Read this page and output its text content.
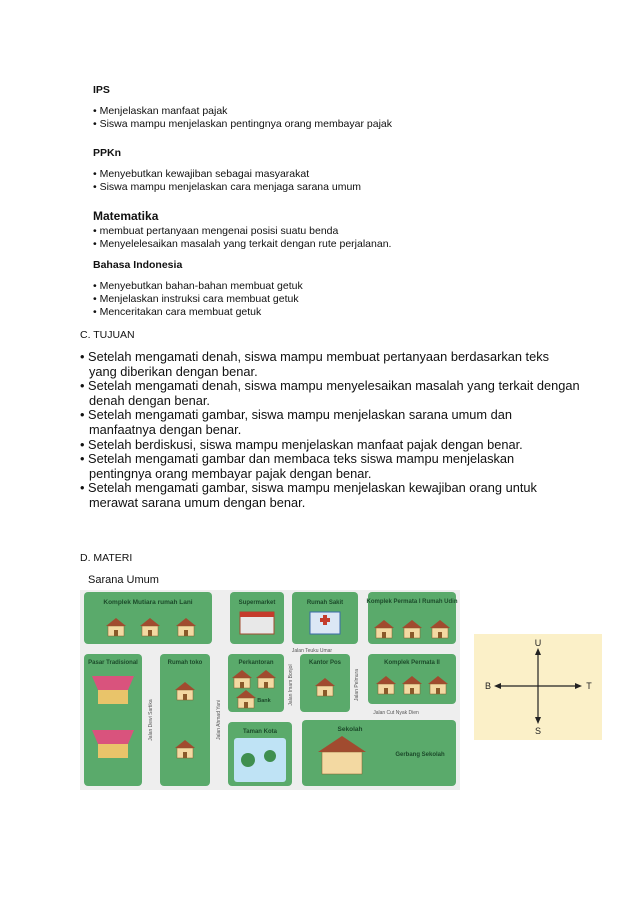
IPS

• Menjelaskan manfaat pajak
• Siswa mampu menjelaskan pentingnya orang membayar pajak

PPKn

• Menyebutkan kewajiban sebagai masyarakat
• Siswa mampu menjelaskan cara menjaga sarana umum

Matematika

• membuat pertanyaan mengenai posisi suatu benda
• Menyelelesaikan masalah yang terkait dengan rute perjalanan.

Bahasa Indonesia

• Menyebutkan bahan-bahan membuat getuk
• Menjelaskan instruksi cara membuat getuk
• Menceritakan cara membuat getuk

C. TUJUAN

• Setelah mengamati denah, siswa mampu membuat pertanyaan berdasarkan teks yang diberikan dengan benar.
• Setelah mengamati denah, siswa mampu menyelesaikan masalah yang terkait dengan denah dengan benar.
• Setelah mengamati gambar, siswa mampu menjelaskan sarana umum dan manfaatnya dengan benar.
• Setelah berdiskusi, siswa mampu menjelaskan manfaat pajak dengan benar.
• Setelah mengamati gambar dan membaca teks siswa mampu menjelaskan pentingnya orang membayar pajak dengan benar.
• Setelah mengamati gambar, siswa mampu menjelaskan kewajiban orang untuk merawat sarana umum dengan benar.

D. MATERI

Sarana Umum
Komplek Mutiara rumah Lani	Supermarket	Rumah Sakit	Komplek Permata I Rumah Udin
Jalan Teuku Umar
Pasar Tradisional
Jalan Dewi Sartika
Rumah toko
Jalan Ahmad Yani
Perkantoran
Bank	Jalan Imam Bonjol
Kantor Pos
Jalan Pelmura
Komplek Permata II
Jalan Cut Nyak Dien
Taman Kota	Sekolah
Gerbang Sekolah
U
S
B	T
